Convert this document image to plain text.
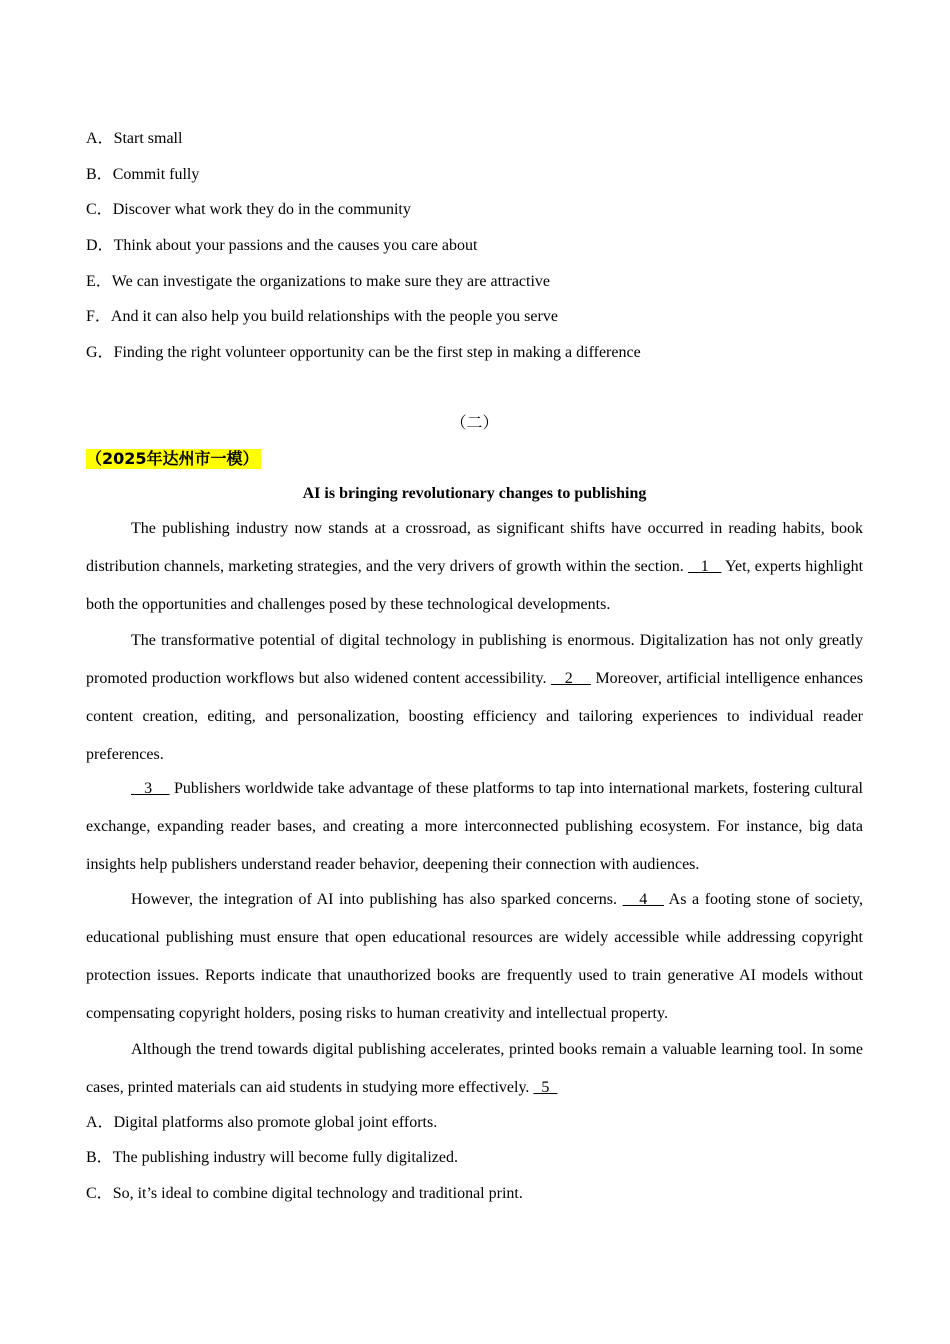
A．Start small
B．Commit fully
C．Discover what work they do in the community
D．Think about your passions and the causes you care about
E．We can investigate the organizations to make sure they are attractive
F．And it can also help you build relationships with the people you serve
G．Finding the right volunteer opportunity can be the first step in making a difference
（二）
（2025年达州市一模）
AI is bringing revolutionary changes to publishing

The publishing industry now stands at a crossroad, as significant shifts have occurred in reading habits, book distribution channels, marketing strategies, and the very drivers of growth within the section.    1    Yet, experts highlight both the opportunities and challenges posed by these technological developments.

The transformative potential of digital technology in publishing is enormous. Digitalization has not only greatly promoted production workflows but also widened content accessibility.    2     Moreover, artificial intelligence enhances content creation, editing, and personalization, boosting efficiency and tailoring experiences to individual reader preferences.

3     Publishers worldwide take advantage of these platforms to tap into international markets, fostering cultural exchange, expanding reader bases, and creating a more interconnected publishing ecosystem. For instance, big data insights help publishers understand reader behavior, deepening their connection with audiences.

However, the integration of AI into publishing has also sparked concerns.    4    As a footing stone of society, educational publishing must ensure that open educational resources are widely accessible while addressing copyright protection issues. Reports indicate that unauthorized books are frequently used to train generative AI models without compensating copyright holders, posing risks to human creativity and intellectual property.

Although the trend towards digital publishing accelerates, printed books remain a valuable learning tool. In some cases, printed materials can aid students in studying more effectively.   5

A．Digital platforms also promote global joint efforts.
B．The publishing industry will become fully digitalized.
C．So, it’s ideal to combine digital technology and traditional print.
